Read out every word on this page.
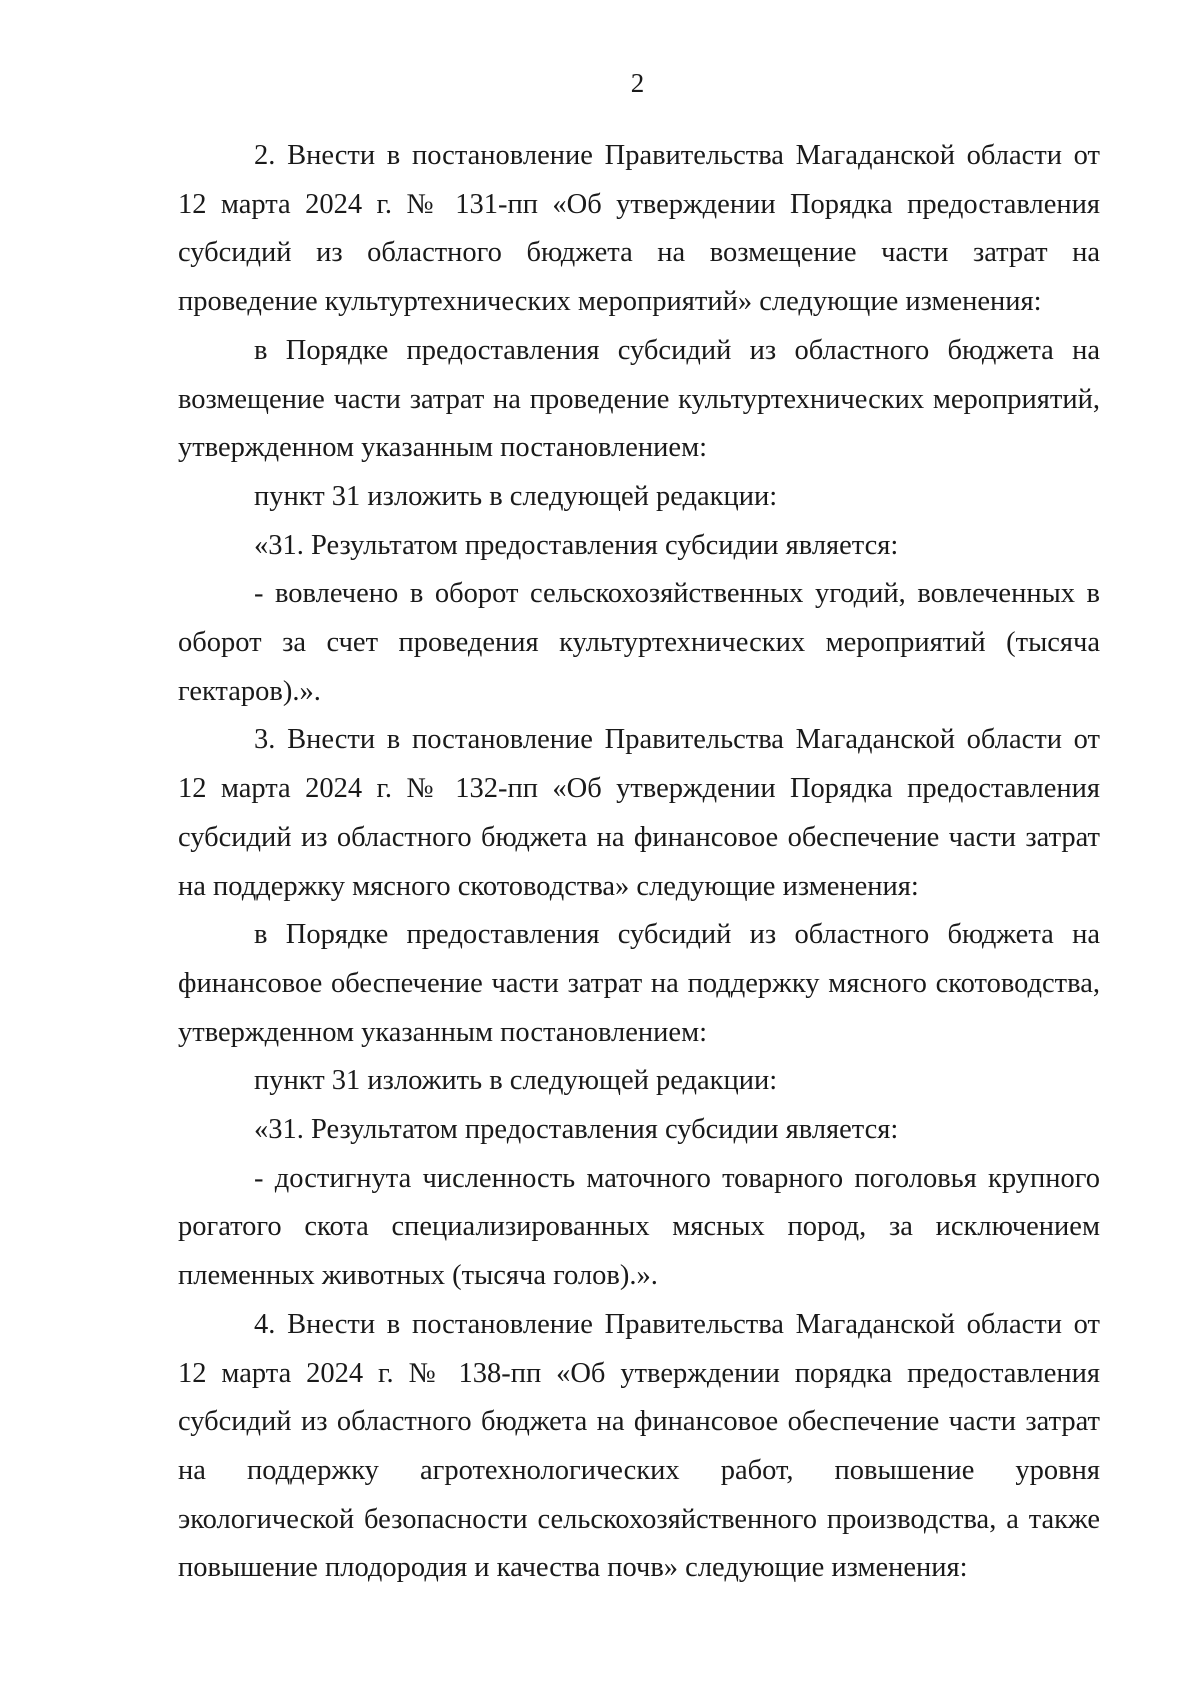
2

2. Внести в постановление Правительства Магаданской области от 12 марта 2024 г. № 131-пп «Об утверждении Порядка предоставления субсидий из областного бюджета на возмещение части затрат на проведение культуртехнических мероприятий» следующие изменения:

в Порядке предоставления субсидий из областного бюджета на возмещение части затрат на проведение культуртехнических мероприятий, утвержденном указанным постановлением:

пункт 31 изложить в следующей редакции:

«31. Результатом предоставления субсидии является:

- вовлечено в оборот сельскохозяйственных угодий, вовлеченных в оборот за счет проведения культуртехнических мероприятий (тысяча гектаров).».

3. Внести в постановление Правительства Магаданской области от 12 марта 2024 г. № 132-пп «Об утверждении Порядка предоставления субсидий из областного бюджета на финансовое обеспечение части затрат на поддержку мясного скотоводства» следующие изменения:

в Порядке предоставления субсидий из областного бюджета на финансовое обеспечение части затрат на поддержку мясного скотоводства, утвержденном указанным постановлением:

пункт 31 изложить в следующей редакции:

«31. Результатом предоставления субсидии является:

- достигнута численность маточного товарного поголовья крупного рогатого скота специализированных мясных пород, за исключением племенных животных (тысяча голов).».

4. Внести в постановление Правительства Магаданской области от 12 марта 2024 г. № 138-пп «Об утверждении порядка предоставления субсидий из областного бюджета на финансовое обеспечение части затрат на поддержку агротехнологических работ, повышение уровня экологической безопасности сельскохозяйственного производства, а также повышение плодородия и качества почв» следующие изменения:
